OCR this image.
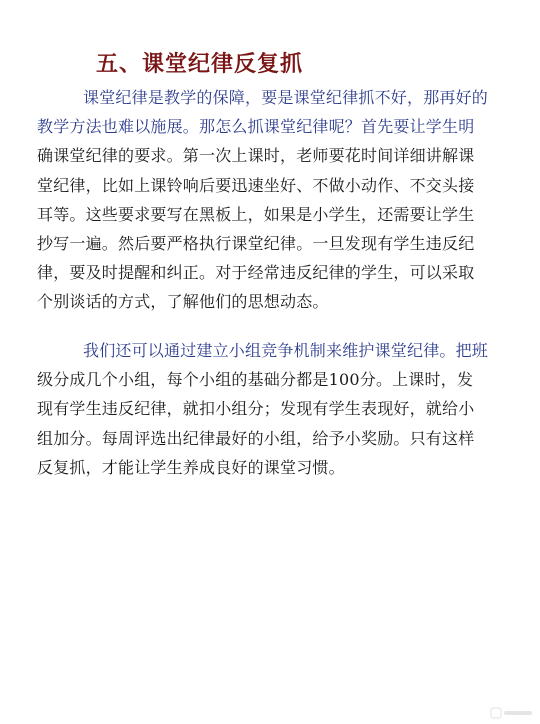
五、课堂纪律反复抓
课堂纪律是教学的保障，要是课堂纪律抓不好，那再好的
教学方法也难以施展。那怎么抓课堂纪律呢？首先要让学生明
确课堂纪律的要求。第一次上课时，老师要花时间详细讲解课
堂纪律，比如上课铃响后要迅速坐好、不做小动作、不交头接
耳等。这些要求要写在黑板上，如果是小学生，还需要让学生
抄写一遍。然后要严格执行课堂纪律。一旦发现有学生违反纪
律，要及时提醒和纠正。对于经常违反纪律的学生，可以采取
个别谈话的方式，了解他们的思想动态。
我们还可以通过建立小组竞争机制来维护课堂纪律。把班
级分成几个小组，每个小组的基础分都是100分。上课时，发
现有学生违反纪律，就扣小组分；发现有学生表现好，就给小
组加分。每周评选出纪律最好的小组，给予小奖励。只有这样
反复抓，才能让学生养成良好的课堂习惯。
